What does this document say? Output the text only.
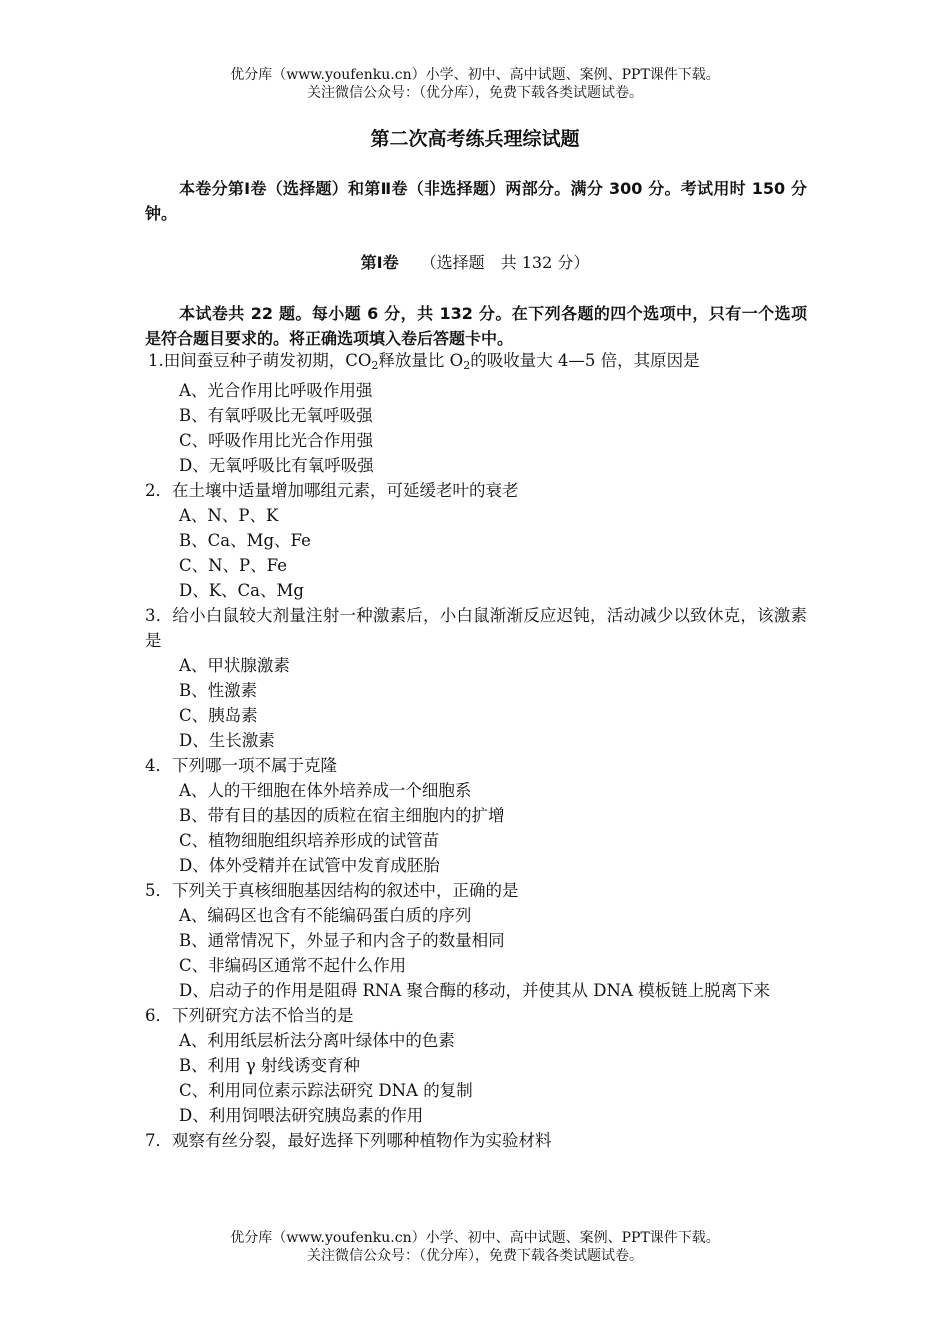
优分库（www.youfenku.cn）小学、初中、高中试题、案例、PPT课件下载。
关注微信公众号：（优分库），免费下载各类试题试卷。
第二次高考练兵理综试题
本卷分第Ⅰ卷（选择题）和第Ⅱ卷（非选择题）两部分。满分 300 分。考试用时 150 分钟。
第Ⅰ卷 （选择题　共 132 分）
本试卷共 22 题。每小题 6 分，共 132 分。在下列各题的四个选项中，只有一个选项是符合题目要求的。将正确选项填入卷后答题卡中。

1.田间蚕豆种子萌发初期，$CO_2$释放量比 $O_2$的吸收量大 4—5 倍，其原因是

A、光合作用比呼吸作用强

B、有氧呼吸比无氧呼吸强

C、呼吸作用比光合作用强

D、无氧呼吸比有氧呼吸强

2．在土壤中适量增加哪组元素，可延缓老叶的衰老

A、N、P、K

B、Ca、Mg、Fe

C、N、P、Fe

D、K、Ca、Mg

3．给小白鼠较大剂量注射一种激素后，小白鼠渐渐反应迟钝，活动减少以致休克，该激素是

A、甲状腺激素

B、性激素

C、胰岛素

D、生长激素

4．下列哪一项不属于克隆

A、人的干细胞在体外培养成一个细胞系

B、带有目的基因的质粒在宿主细胞内的扩增

C、植物细胞组织培养形成的试管苗

D、体外受精并在试管中发育成胚胎

5．下列关于真核细胞基因结构的叙述中，正确的是

A、编码区也含有不能编码蛋白质的序列

B、通常情况下，外显子和内含子的数量相同

C、非编码区通常不起什么作用

D、启动子的作用是阻碍 RNA 聚合酶的移动，并使其从 DNA 模板链上脱离下来

6．下列研究方法不恰当的是

A、利用纸层析法分离叶绿体中的色素

B、利用 γ 射线诱变育种

C、利用同位素示踪法研究 DNA 的复制

D、利用饲喂法研究胰岛素的作用

7．观察有丝分裂，最好选择下列哪种植物作为实验材料

优分库（www.youfenku.cn）小学、初中、高中试题、案例、PPT课件下载。
关注微信公众号：（优分库），免费下载各类试题试卷。
